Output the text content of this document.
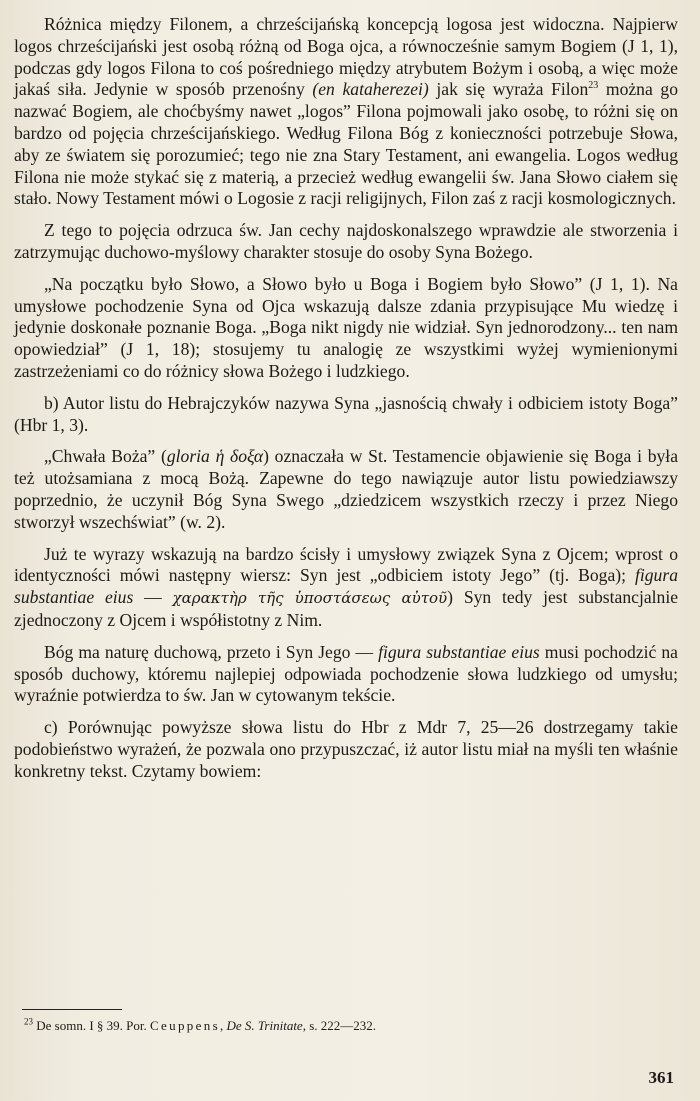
Różnica między Filonem, a chrześcijańską koncepcją logosa jest widoczna. Najpierw logos chrześcijański jest osobą różną od Boga ojca, a równocześnie samym Bogiem (J 1, 1), podczas gdy logos Filona to coś pośredniego między atrybutem Bożym i osobą, a więc może jakaś siła. Jedynie w sposób przenośny (en kataherezei) jak się wyraża Filon$^{23}$ można go nazwać Bogiem, ale choćbyśmy nawet „logos” Filona pojmowali jako osobę, to różni się on bardzo od pojęcia chrześcijańskiego. Według Filona Bóg z konieczności potrzebuje Słowa, aby ze światem się porozumieć; tego nie zna Stary Testament, ani ewangelia. Logos według Filona nie może stykać się z materią, a przecież według ewangelii św. Jana Słowo ciałem się stało. Nowy Testament mówi o Logosie z racji religijnych, Filon zaś z racji kosmologicznych.

Z tego to pojęcia odrzuca św. Jan cechy najdoskonalszego wprawdzie ale stworzenia i zatrzymując duchowo-myślowy charakter stosuje do osoby Syna Bożego.

„Na początku było Słowo, a Słowo było u Boga i Bogiem było Słowo” (J 1, 1). Na umysłowe pochodzenie Syna od Ojca wskazują dalsze zdania przypisujące Mu wiedzę i jedynie doskonałe poznanie Boga. „Boga nikt nigdy nie widział. Syn jednorodzony... ten nam opowiedział” (J 1, 18); stosujemy tu analogię ze wszystkimi wyżej wymienionymi zastrzeżeniami co do różnicy słowa Bożego i ludzkiego.

b) Autor listu do Hebrajczyków nazywa Syna „jasnością chwały i odbiciem istoty Boga” (Hbr 1, 3).

„Chwała Boża” (gloria ἡ δοξα) oznaczała w St. Testamencie objawienie się Boga i była też utożsamiana z mocą Bożą. Zapewne do tego nawiązuje autor listu powiedziawszy poprzednio, że uczynił Bóg Syna Swego „dziedzicem wszystkich rzeczy i przez Niego stworzył wszechświat” (w. 2).

Już te wyrazy wskazują na bardzo ścisły i umysłowy związek Syna z Ojcem; wprost o identyczności mówi następny wiersz: Syn jest „odbiciem istoty Jego” (tj. Boga); figura substantiae eius — χαρακτὴρ τῆς ὑποστάσεως αὐτοῦ) Syn tedy jest substancjalnie zjednoczony z Ojcem i współistotny z Nim.

Bóg ma naturę duchową, przeto i Syn Jego — figura substantiae eius musi pochodzić na sposób duchowy, któremu najlepiej odpowiada pochodzenie słowa ludzkiego od umysłu; wyraźnie potwierdza to św. Jan w cytowanym tekście.

c) Porównując powyższe słowa listu do Hbr z Mdr 7, 25—26 dostrzegamy takie podobieństwo wyrażeń, że pozwala ono przypuszczać, iż autor listu miał na myśli ten właśnie konkretny tekst. Czytamy bowiem:

$^{23}$ De somn. I § 39. Por. Ceuppens, De S. Trinitate, s. 222—232.
361
